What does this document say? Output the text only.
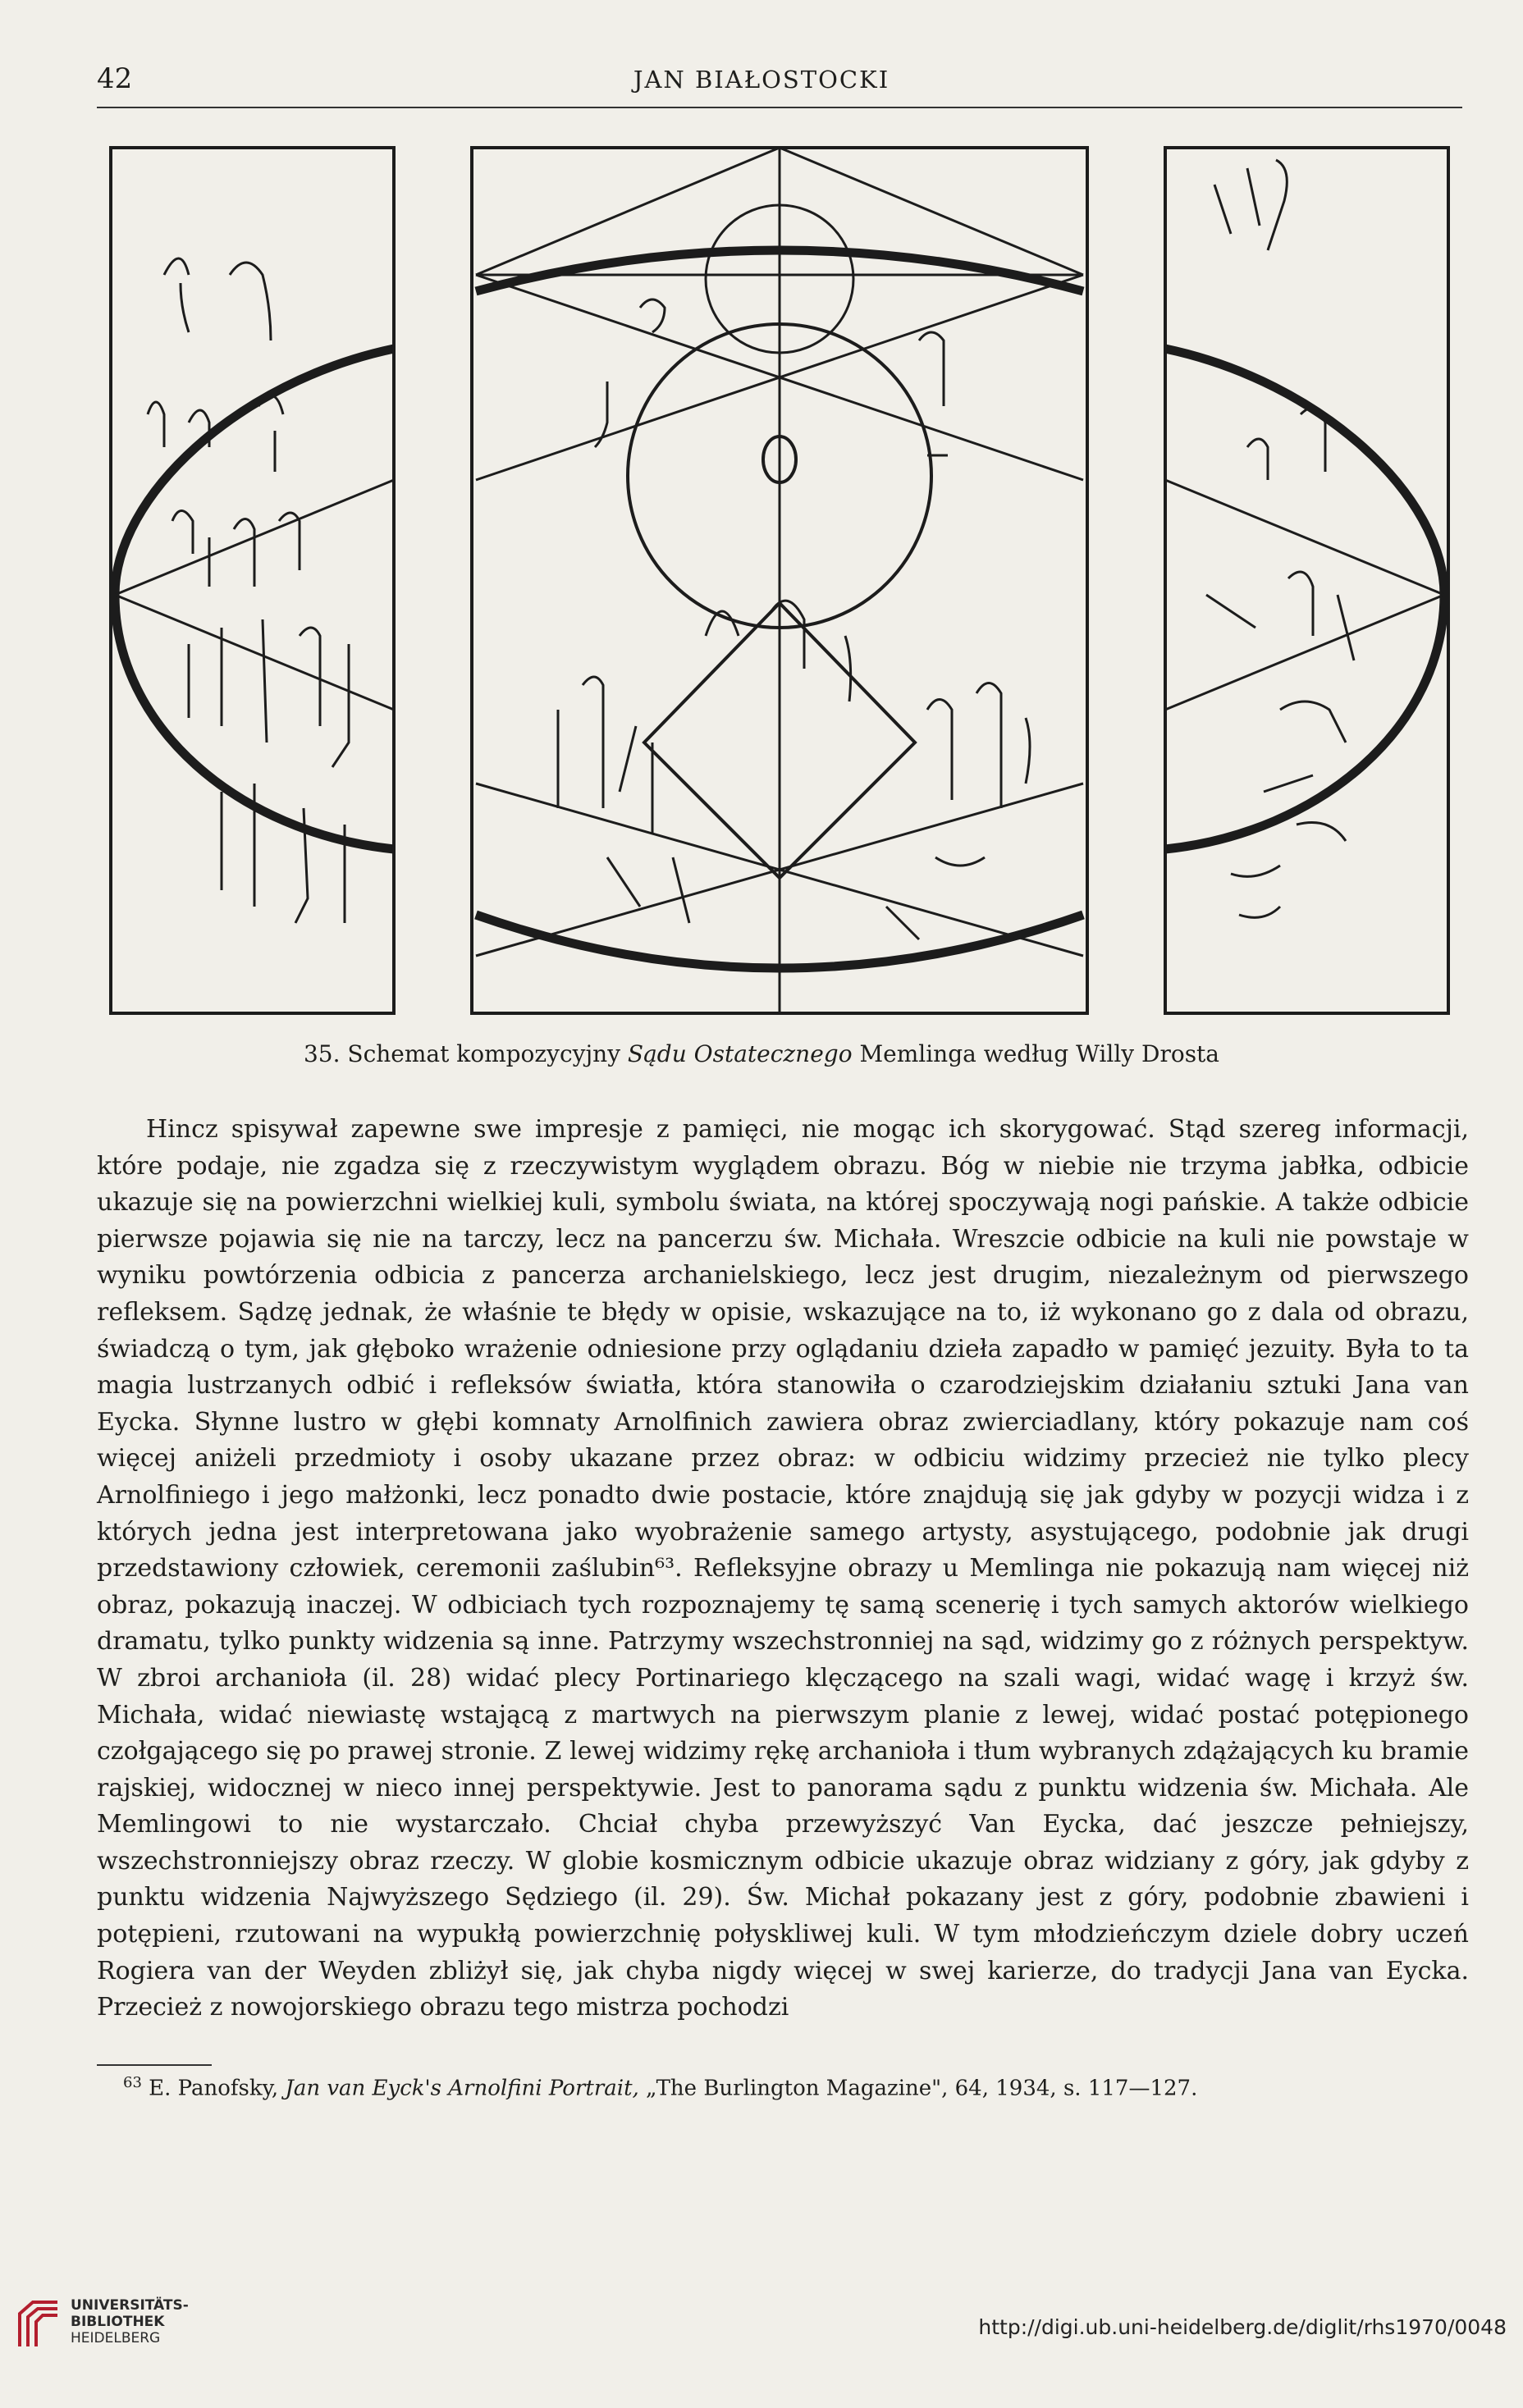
42	JAN BIAŁOSTOCKI
35. Schemat kompozycyjny Sądu Ostatecznego Memlinga według Willy Drosta

Hincz spisywał zapewne swe impresje z pamięci, nie mogąc ich skorygować. Stąd szereg informacji, które podaje, nie zgadza się z rzeczywistym wyglądem obrazu. Bóg w niebie nie trzyma jabłka, odbicie ukazuje się na powierzchni wielkiej kuli, symbolu świata, na której spoczywają nogi pańskie. A także odbicie pierwsze pojawia się nie na tarczy, lecz na pancerzu św. Michała. Wreszcie odbicie na kuli nie powstaje w wyniku powtórzenia odbicia z pancerza archanielskiego, lecz jest drugim, niezależnym od pierwszego refleksem. Sądzę jednak, że właśnie te błędy w opisie, wskazujące na to, iż wykonano go z dala od obrazu, świadczą o tym, jak głęboko wrażenie odniesione przy oglądaniu dzieła zapadło w pamięć jezuity. Była to ta magia lustrzanych odbić i refleksów światła, która stanowiła o czarodziejskim działaniu sztuki Jana van Eycka. Słynne lustro w głębi komnaty Arnolfinich zawiera obraz zwierciadlany, który pokazuje nam coś więcej aniżeli przedmioty i osoby ukazane przez obraz: w odbiciu widzimy przecież nie tylko plecy Arnolfiniego i jego małżonki, lecz ponadto dwie postacie, które znajdują się jak gdyby w pozycji widza i z których jedna jest interpretowana jako wyobrażenie samego artysty, asystującego, podobnie jak drugi przedstawiony człowiek, ceremonii zaślubin⁶³. Refleksyjne obrazy u Memlinga nie pokazują nam więcej niż obraz, pokazują inaczej. W odbiciach tych rozpoznajemy tę samą scenerię i tych samych aktorów wielkiego dramatu, tylko punkty widzenia są inne. Patrzymy wszechstronniej na sąd, widzimy go z różnych perspektyw. W zbroi archanioła (il. 28) widać plecy Portinariego klęczącego na szali wagi, widać wagę i krzyż św. Michała, widać niewiastę wstającą z martwych na pierwszym planie z lewej, widać postać potępionego czołgającego się po prawej stronie. Z lewej widzimy rękę archanioła i tłum wybranych zdążających ku bramie rajskiej, widocznej w nieco innej perspektywie. Jest to panorama sądu z punktu widzenia św. Michała. Ale Memlingowi to nie wystarczało. Chciał chyba przewyższyć Van Eycka, dać jeszcze pełniejszy, wszechstronniejszy obraz rzeczy. W globie kosmicznym odbicie ukazuje obraz widziany z góry, jak gdyby z punktu widzenia Najwyższego Sędziego (il. 29). Św. Michał pokazany jest z góry, podobnie zbawieni i potępieni, rzutowani na wypukłą powierzchnię połyskliwej kuli. W tym młodzieńczym dziele dobry uczeń Rogiera van der Weyden zbliżył się, jak chyba nigdy więcej w swej karierze, do tradycji Jana van Eycka. Przecież z nowojorskiego obrazu tego mistrza pochodzi

$^{63}$ E. Panofsky, Jan van Eyck's Arnolfini Portrait, „The Burlington Magazine", 64, 1934, s. 117—127.
UNIVERSITÄTS-
BIBLIOTHEK
HEIDELBERG	http://digi.ub.uni-heidelberg.de/diglit/rhs1970/0048
